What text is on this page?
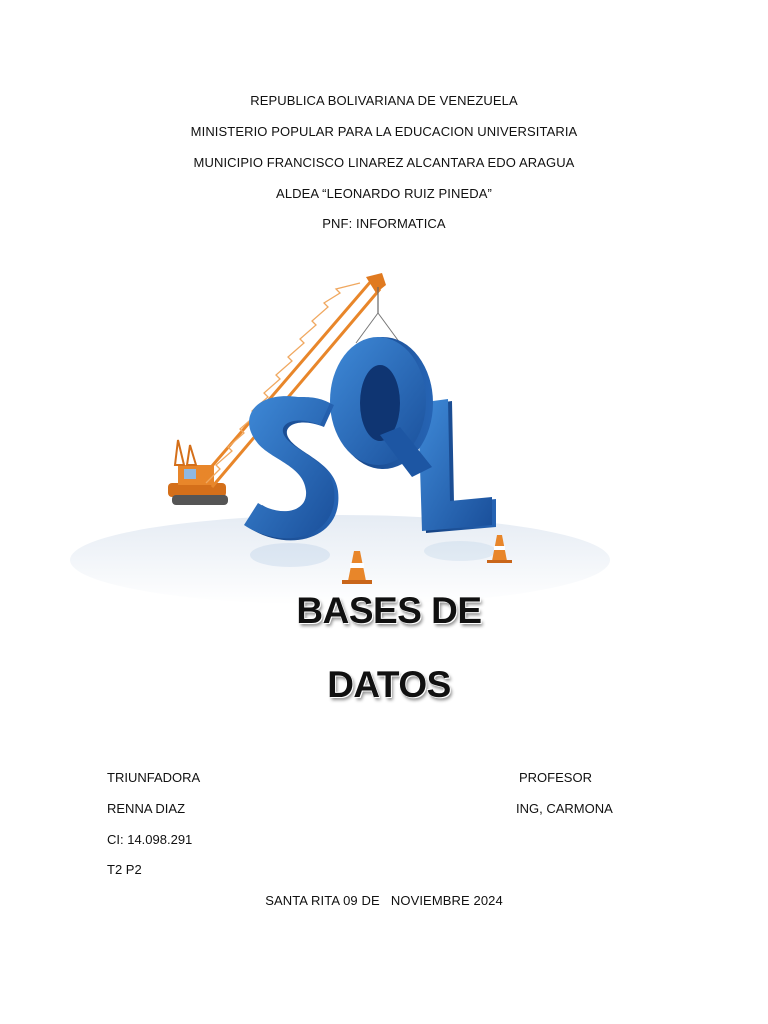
REPUBLICA BOLIVARIANA DE VENEZUELA
MINISTERIO POPULAR PARA LA EDUCACION UNIVERSITARIA
MUNICIPIO FRANCISCO LINAREZ ALCANTARA EDO ARAGUA
ALDEA “LEONARDO RUIZ PINEDA”
PNF: INFORMATICA
BASES DE
DATOS
TRIUNFADORA
RENNA DIAZ
CI: 14.098.291
T2 P2
PROFESOR
ING, CARMONA
SANTA RITA 09 DE   NOVIEMBRE 2024
